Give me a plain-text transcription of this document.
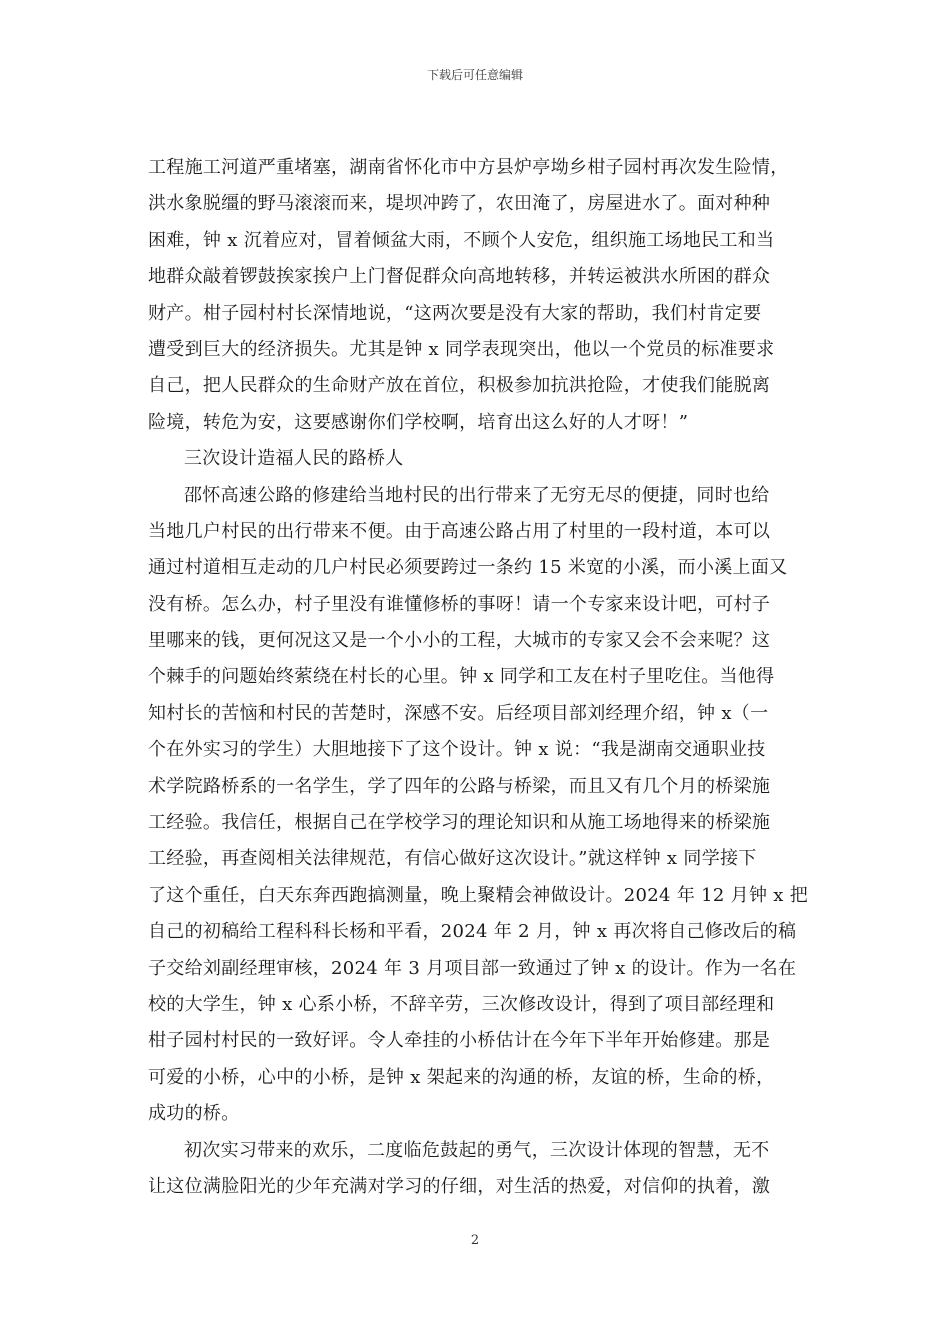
下载后可任意编辑
工程施工河道严重堵塞，湖南省怀化市中方县炉亭坳乡柑子园村再次发生险情，
洪水象脱缰的野马滚滚而来，堤坝冲跨了，农田淹了，房屋进水了。面对种种
困难，钟 x 沉着应对，冒着倾盆大雨，不顾个人安危，组织施工场地民工和当
地群众敲着锣鼓挨家挨户上门督促群众向高地转移，并转运被洪水所困的群众
财产。柑子园村村长深情地说，“这两次要是没有大家的帮助，我们村肯定要
遭受到巨大的经济损失。尤其是钟 x 同学表现突出，他以一个党员的标准要求
自己，把人民群众的生命财产放在首位，积极参加抗洪抢险，才使我们能脱离
险境，转危为安，这要感谢你们学校啊，培育出这么好的人才呀！”
三次设计造福人民的路桥人
邵怀高速公路的修建给当地村民的出行带来了无穷无尽的便捷，同时也给
当地几户村民的出行带来不便。由于高速公路占用了村里的一段村道，本可以
通过村道相互走动的几户村民必须要跨过一条约 15 米宽的小溪，而小溪上面又
没有桥。怎么办，村子里没有谁懂修桥的事呀！请一个专家来设计吧，可村子
里哪来的钱，更何况这又是一个小小的工程，大城市的专家又会不会来呢？这
个棘手的问题始终萦绕在村长的心里。钟 x 同学和工友在村子里吃住。当他得
知村长的苦恼和村民的苦楚时，深感不安。后经项目部刘经理介绍，钟 x（一
个在外实习的学生）大胆地接下了这个设计。钟 x 说：“我是湖南交通职业技
术学院路桥系的一名学生，学了四年的公路与桥梁，而且又有几个月的桥梁施
工经验。我信任，根据自己在学校学习的理论知识和从施工场地得来的桥梁施
工经验，再查阅相关法律规范，有信心做好这次设计。”就这样钟 x 同学接下
了这个重任，白天东奔西跑搞测量，晚上聚精会神做设计。2024 年 12 月钟 x 把
自己的初稿给工程科科长杨和平看，2024 年 2 月，钟 x 再次将自己修改后的稿
子交给刘副经理审核，2024 年 3 月项目部一致通过了钟 x 的设计。作为一名在
校的大学生，钟 x 心系小桥，不辞辛劳，三次修改设计，得到了项目部经理和
柑子园村村民的一致好评。令人牵挂的小桥估计在今年下半年开始修建。那是
可爱的小桥，心中的小桥，是钟 x 架起来的沟通的桥，友谊的桥，生命的桥，
成功的桥。
初次实习带来的欢乐，二度临危鼓起的勇气，三次设计体现的智慧，无不
让这位满脸阳光的少年充满对学习的仔细，对生活的热爱，对信仰的执着，激
2
